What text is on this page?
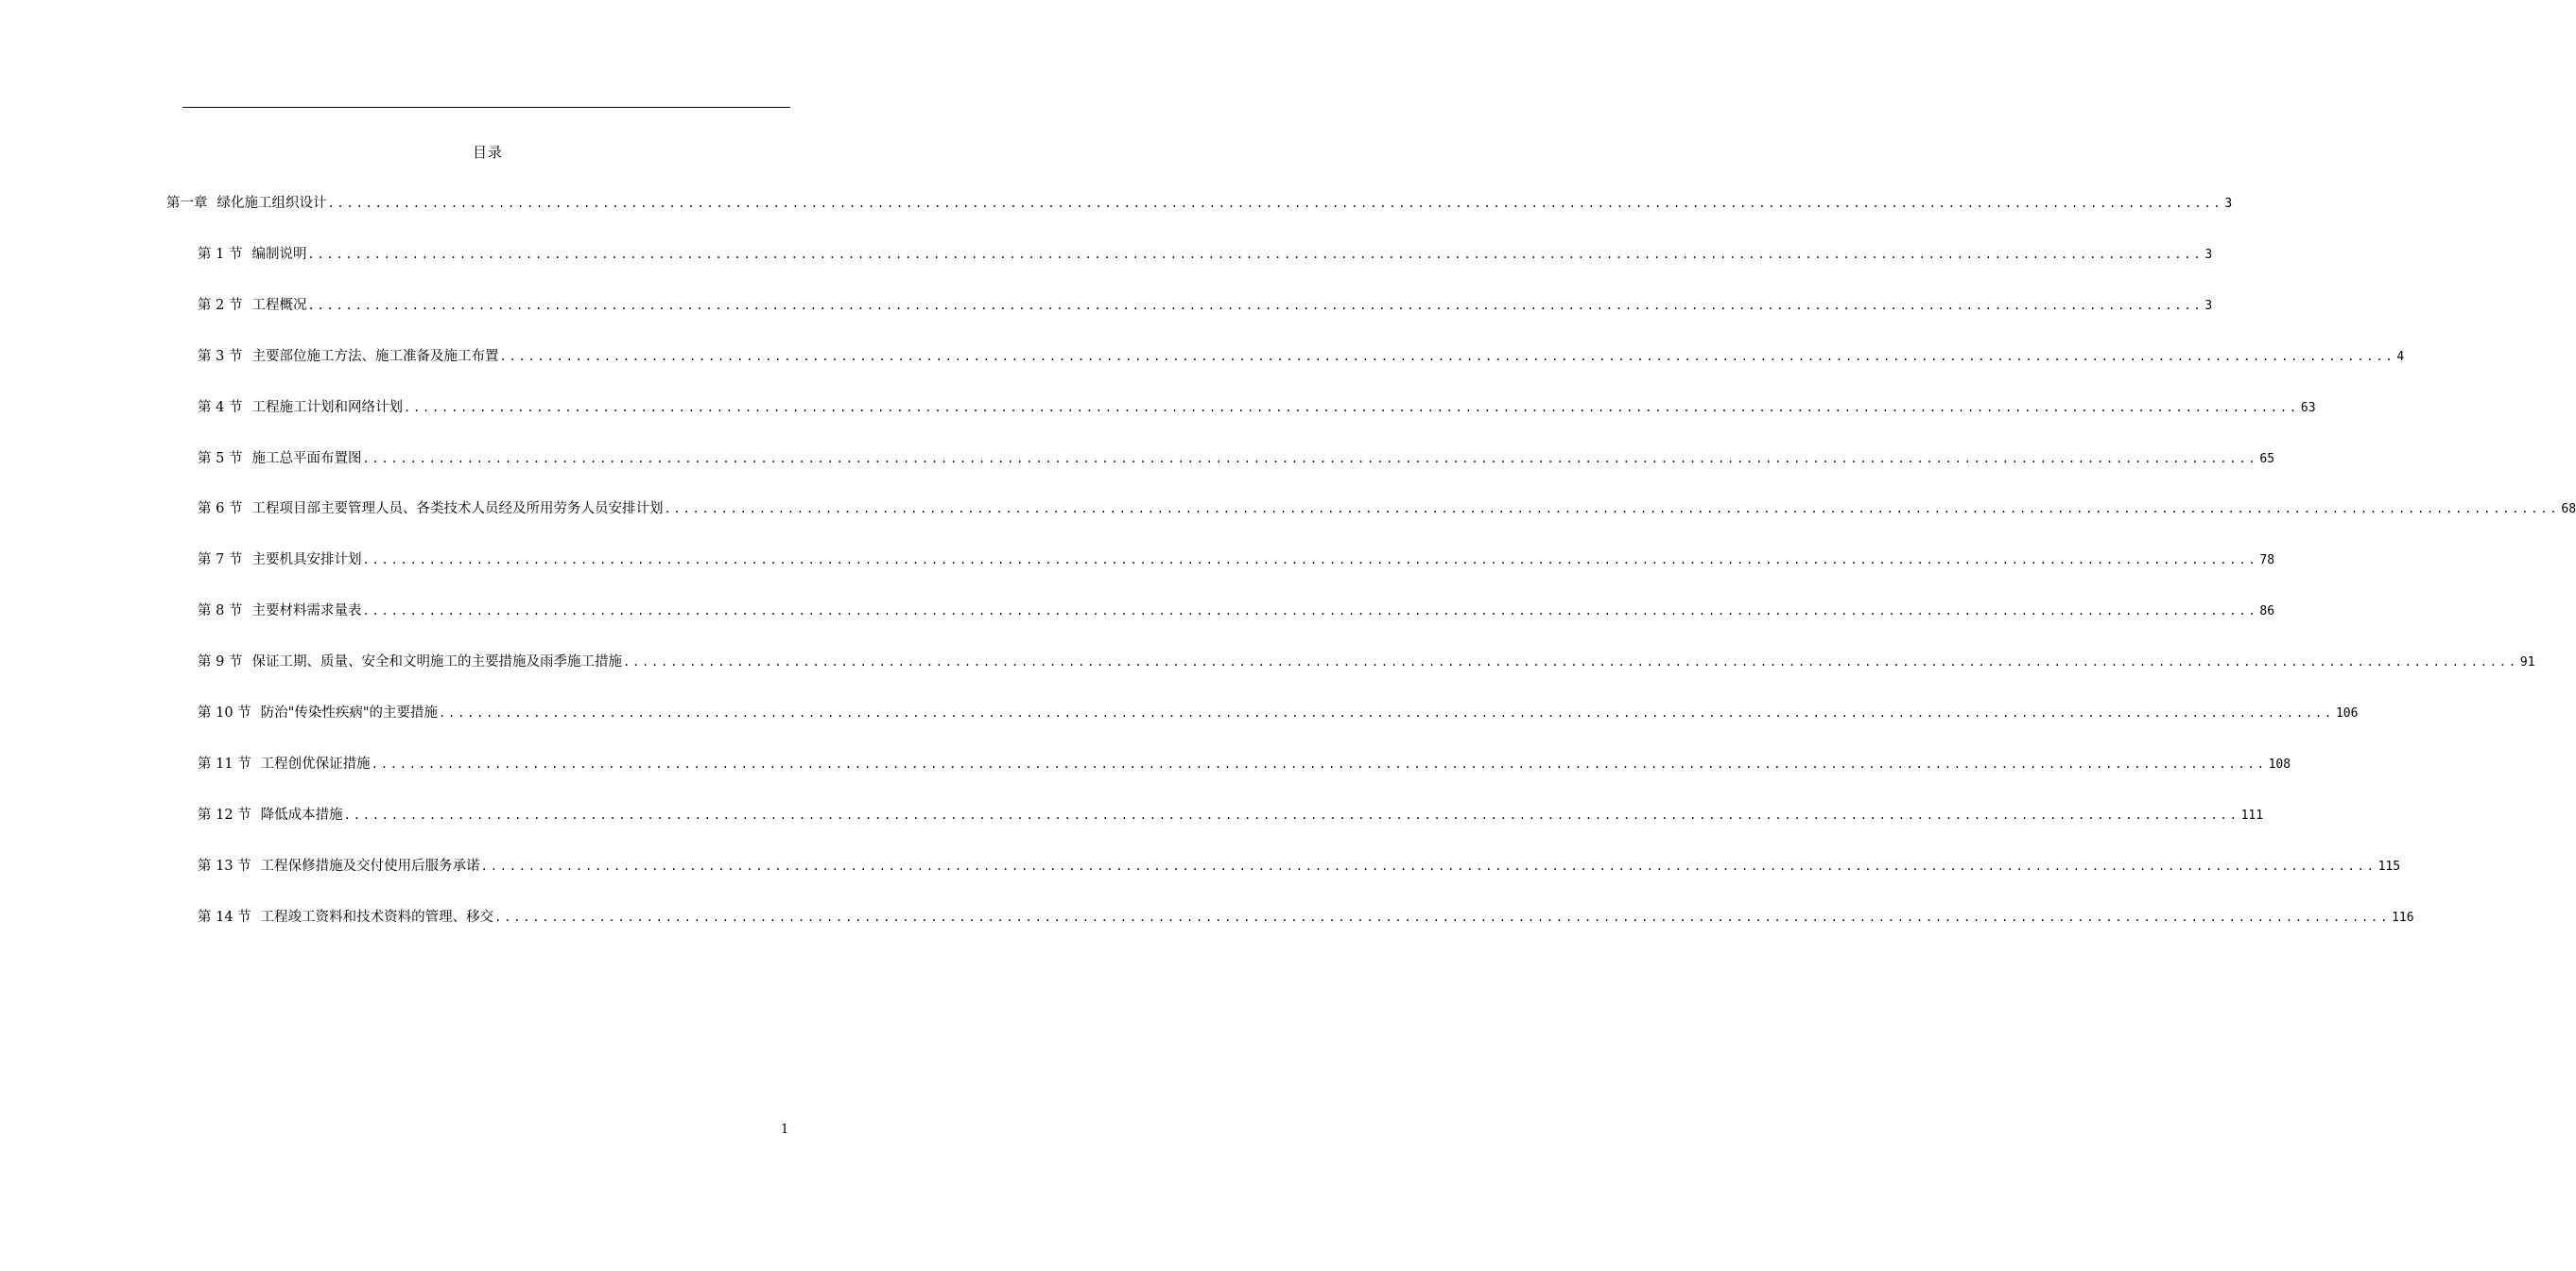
目录
第一章 绿化施工组织设计 ........................................................................................................................................................................................................ 3
第 1 节 编制说明 ........................................................................................................................................................................................................ 3
第 2 节 工程概况 ........................................................................................................................................................................................................ 3
第 3 节 主要部位施工方法、施工准备及施工布置 ........................................................................................................................................................................................................ 4
第 4 节 工程施工计划和网络计划 ........................................................................................................................................................................................................ 63
第 5 节 施工总平面布置图 ........................................................................................................................................................................................................ 65
第 6 节 工程项目部主要管理人员、各类技术人员经及所用劳务人员安排计划 ........................................................................................................................................................................................................ 68
第 7 节 主要机具安排计划 ........................................................................................................................................................................................................ 78
第 8 节 主要材料需求量表 ........................................................................................................................................................................................................ 86
第 9 节 保证工期、质量、安全和文明施工的主要措施及雨季施工措施 ........................................................................................................................................................................................................ 91
第 10 节 防治"传染性疾病"的主要措施 ........................................................................................................................................................................................................ 106
第 11 节 工程创优保证措施 ........................................................................................................................................................................................................ 108
第 12 节 降低成本措施 ........................................................................................................................................................................................................ 111
第 13 节 工程保修措施及交付使用后服务承诺 ........................................................................................................................................................................................................ 115
第 14 节 工程竣工资料和技术资料的管理、移交 ........................................................................................................................................................................................................ 116
1
